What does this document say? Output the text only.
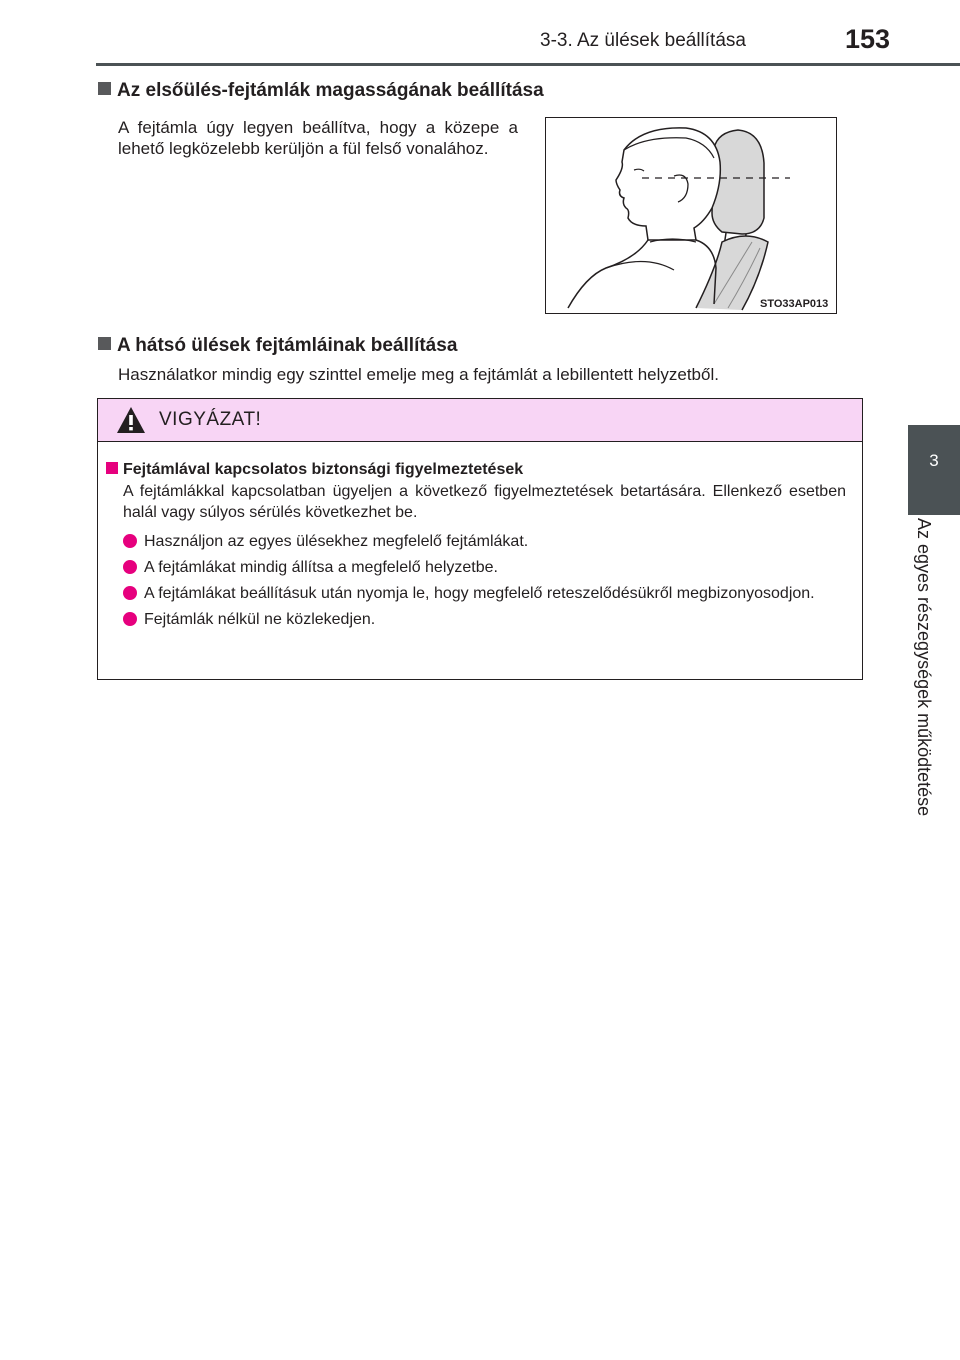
3-3. Az ülések beállítása	153
3
Az egyes részegységek működtetése
Az elsőülés-fejtámlák magasságának beállítása
A fejtámla úgy legyen beállítva, hogy a közepe a lehető legközelebb kerüljön a fül felső vonalához.
STO33AP013
A hátsó ülések fejtámláinak beállítása
Használatkor mindig egy szinttel emelje meg a fejtámlát a lebillentett helyzetből.
VIGYÁZAT!
Fejtámlával kapcsolatos biztonsági figyelmeztetések
A fejtámlákkal kapcsolatban ügyeljen a következő figyelmeztetések betartására. Ellenkező esetben halál vagy súlyos sérülés következhet be.
Használjon az egyes ülésekhez megfelelő fejtámlákat.
A fejtámlákat mindig állítsa a megfelelő helyzetbe.
A fejtámlákat beállításuk után nyomja le, hogy megfelelő reteszelődésükről megbizonyosodjon.
Fejtámlák nélkül ne közlekedjen.
